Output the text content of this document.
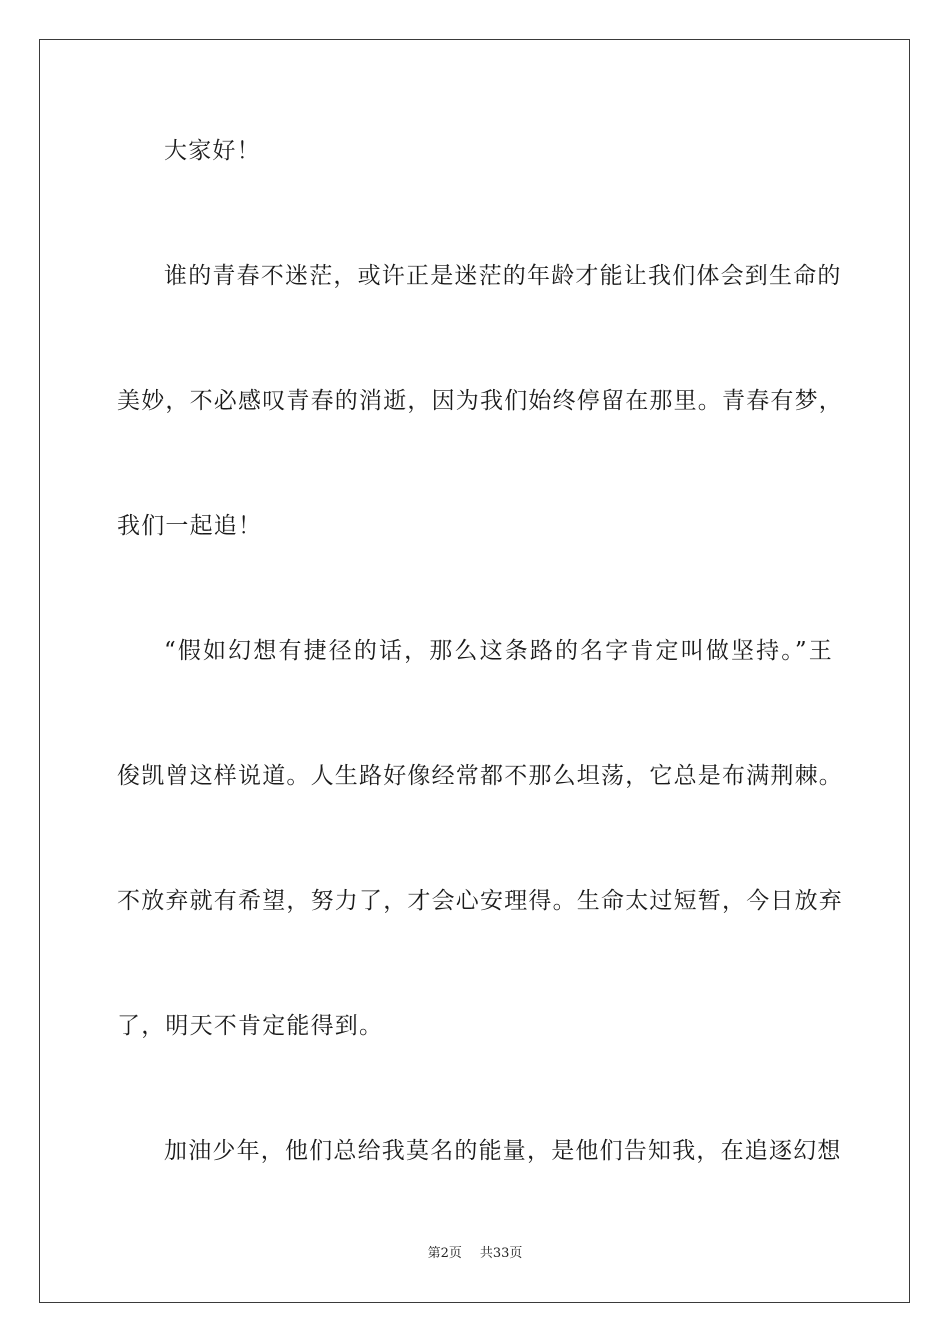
大家好！
谁的青春不迷茫，或许正是迷茫的年龄才能让我们体会到生命的
美妙，不必感叹青春的消逝，因为我们始终停留在那里。青春有梦，
我们一起追！
“假如幻想有捷径的话，那么这条路的名字肯定叫做坚持。”王
俊凯曾这样说道。人生路好像经常都不那么坦荡，它总是布满荆棘。
不放弃就有希望，努力了，才会心安理得。生命太过短暂，今日放弃
了，明天不肯定能得到。
加油少年，他们总给我莫名的能量，是他们告知我，在追逐幻想
第2页 共33页
